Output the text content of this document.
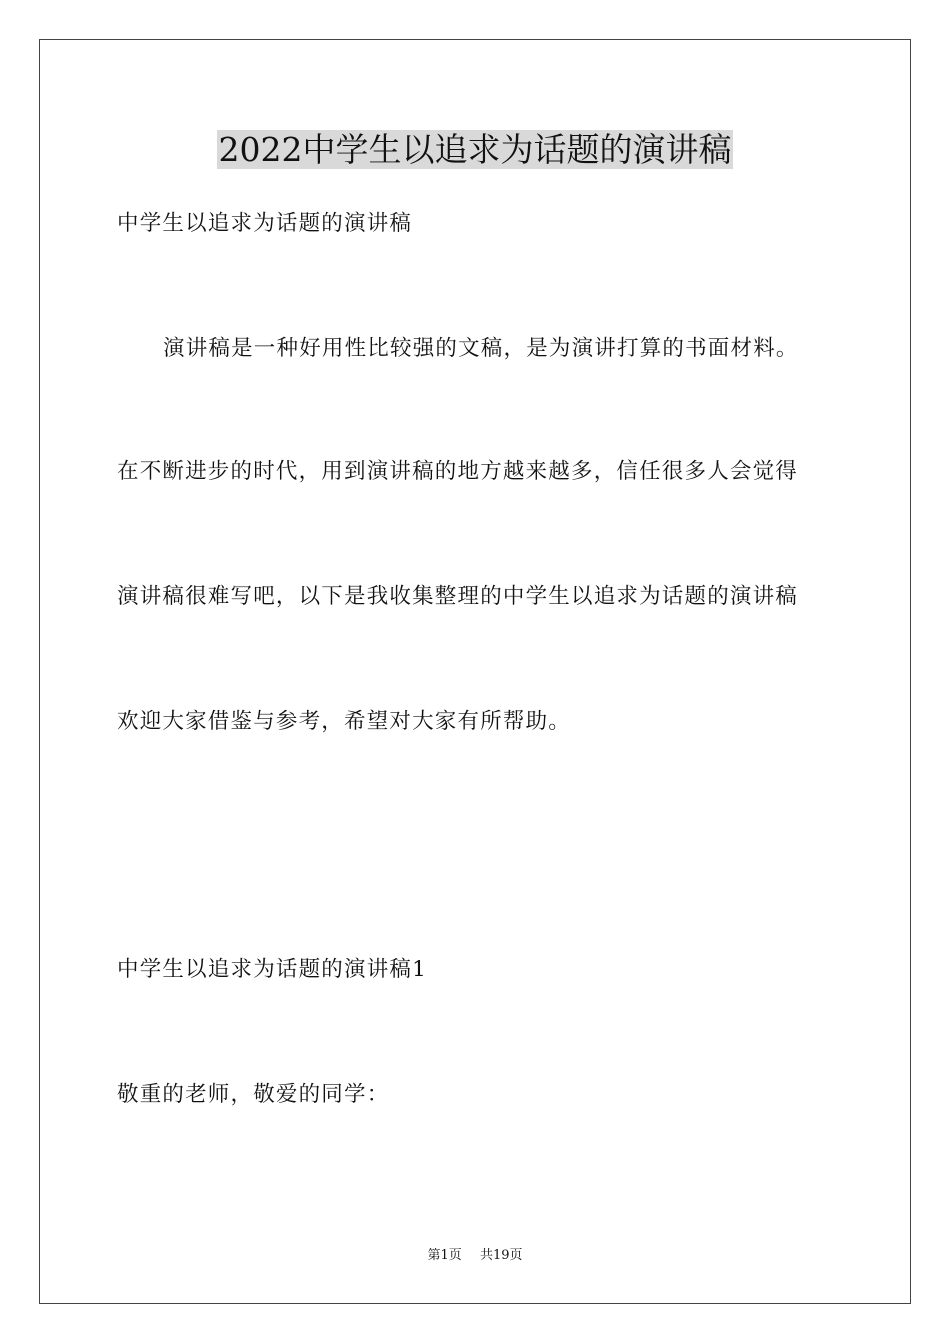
2022中学生以追求为话题的演讲稿

中学生以追求为话题的演讲稿

演讲稿是一种好用性比较强的文稿，是为演讲打算的书面材料。

在不断进步的时代，用到演讲稿的地方越来越多，信任很多人会觉得

演讲稿很难写吧，以下是我收集整理的中学生以追求为话题的演讲稿

欢迎大家借鉴与参考，希望对大家有所帮助。

中学生以追求为话题的演讲稿1

敬重的老师，敬爱的同学：

第1页 共19页
